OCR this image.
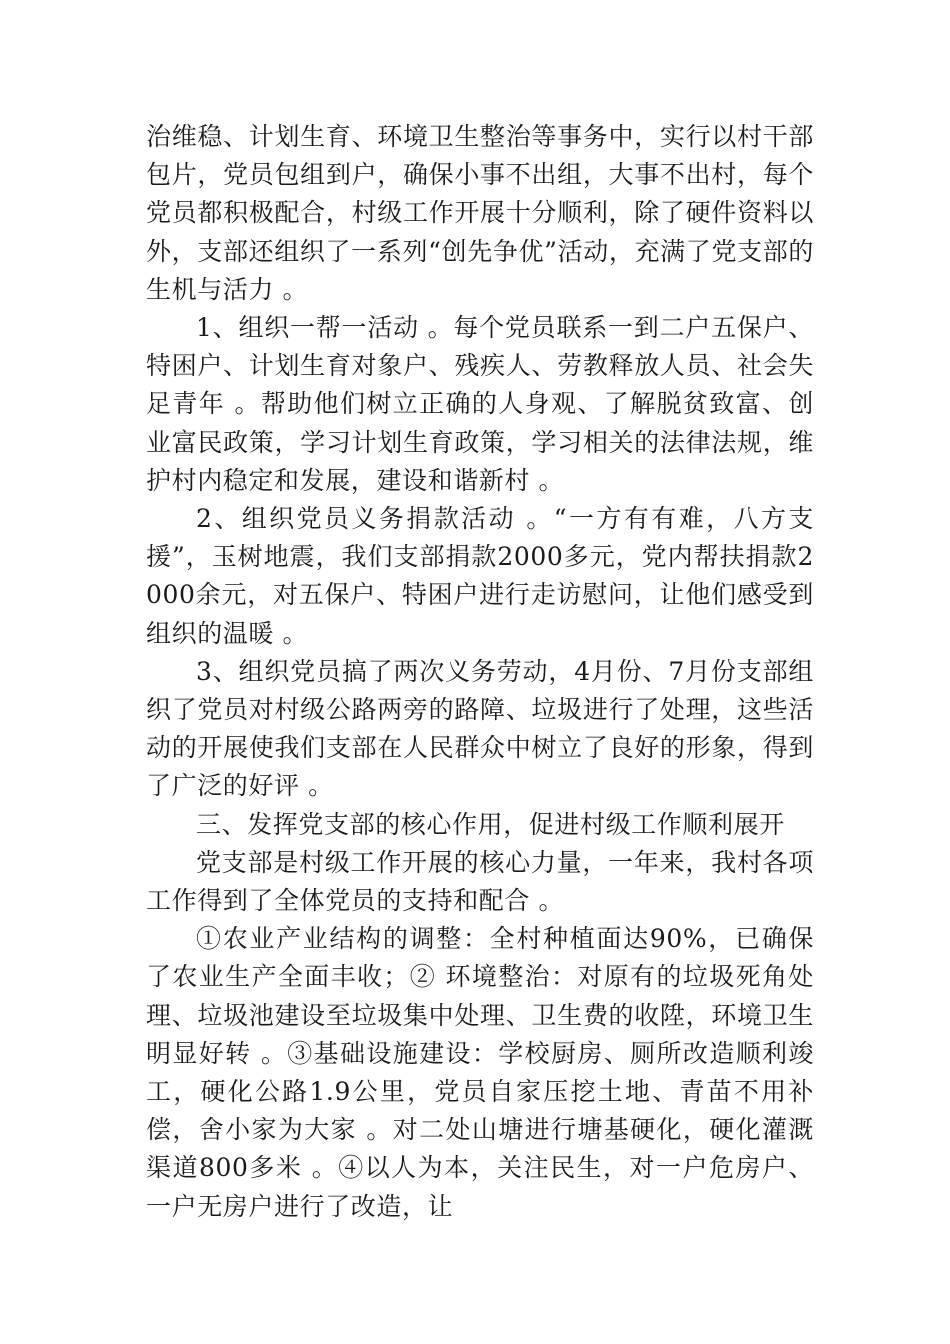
治维稳、计划生育、环境卫生整治等事务中，实行以村干部包片，党员包组到户，确保小事不出组，大事不出村，每个党员都积极配合，村级工作开展十分顺利，除了硬件资料以外，支部还组织了一系列“创先争优”活动，充满了党支部的生机与活力 。

1、组织一帮一活动 。每个党员联系一到二户五保户、特困户、计划生育对象户、残疾人、劳教释放人员、社会失足青年 。帮助他们树立正确的人身观、了解脱贫致富、创业富民政策，学习计划生育政策，学习相关的法律法规，维护村内稳定和发展，建设和谐新村 。

2、组织党员义务捐款活动 。“一方有有难，八方支援”，玉树地震，我们支部捐款2000多元，党内帮扶捐款2000余元，对五保户、特困户进行走访慰问，让他们感受到组织的温暖 。

3、组织党员搞了两次义务劳动，4月份、7月份支部组织了党员对村级公路两旁的路障、垃圾进行了处理，这些活动的开展使我们支部在人民群众中树立了良好的形象，得到了广泛的好评 。

三、发挥党支部的核心作用，促进村级工作顺利展开

党支部是村级工作开展的核心力量，一年来，我村各项工作得到了全体党员的支持和配合 。

①农业产业结构的调整：全村种植面达90%，已确保了农业生产全面丰收；② 环境整治：对原有的垃圾死角处理、垃圾池建设至垃圾集中处理、卫生费的收陞，环境卫生明显好转 。③基础设施建设：学校厨房、厕所改造顺利竣工，硬化公路1.9公里，党员自家压挖土地、青苗不用补偿，舍小家为大家 。对二处山塘进行塘基硬化，硬化灌溉渠道800多米 。④以人为本，关注民生，对一户危房户、一户无房户进行了改造，让
